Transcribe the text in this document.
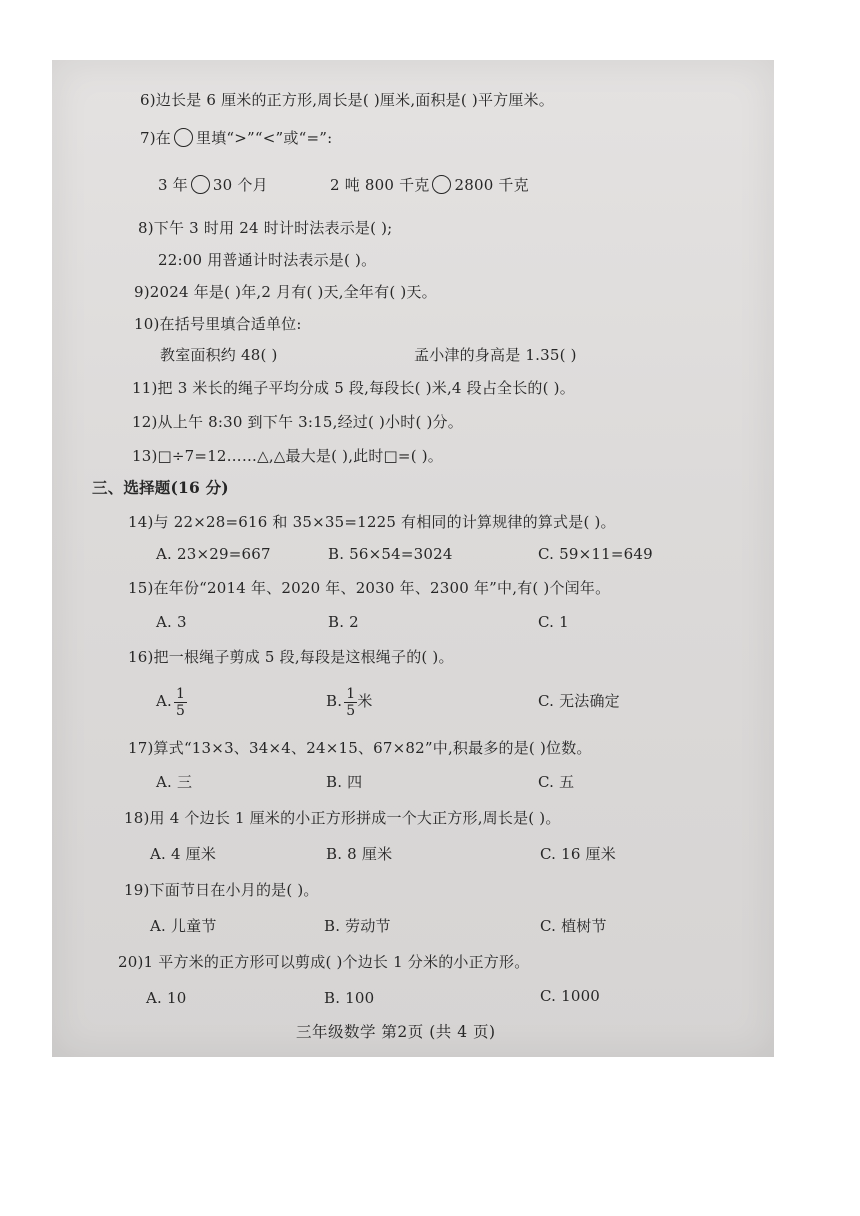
6)边长是 6 厘米的正方形,周长是( )厘米,面积是( )平方厘米。
7)在 里填“>”“<”或“=”:
3 年 30 个月	2 吨 800 千克 2800 千克
8)下午 3 时用 24 时计时法表示是( );
22:00 用普通计时法表示是( )。
9)2024 年是( )年,2 月有( )天,全年有( )天。
10)在括号里填合适单位:
教室面积约 48( )	孟小津的身高是 1.35( )
11)把 3 米长的绳子平均分成 5 段,每段长( )米,4 段占全长的( )。
12)从上午 8:30 到下午 3:15,经过( )小时( )分。
13)□÷7=12……△,△最大是( ),此时□=( )。
三、选择题(16 分)
14)与 22×28=616 和 35×35=1225 有相同的计算规律的算式是( )。
A. 23×29=667	B. 56×54=3024	C. 59×11=649
15)在年份“2014 年、2020 年、2030 年、2300 年”中,有( )个闰年。
A. 3	B. 2	C. 1
16)把一根绳子剪成 5 段,每段是这根绳子的( )。
A. $\frac{1}{5}$	B. $\frac{1}{5}$ 米	C. 无法确定
17)算式“13×3、34×4、24×15、67×82”中,积最多的是( )位数。
A. 三	B. 四	C. 五
18)用 4 个边长 1 厘米的小正方形拼成一个大正方形,周长是( )。
A. 4 厘米	B. 8 厘米	C. 16 厘米
19)下面节日在小月的是( )。
A. 儿童节	B. 劳动节	C. 植树节
20)1 平方米的正方形可以剪成( )个边长 1 分米的小正方形。
A. 10	B. 100	C. 1000
三年级数学 第2页 (共 4 页)
